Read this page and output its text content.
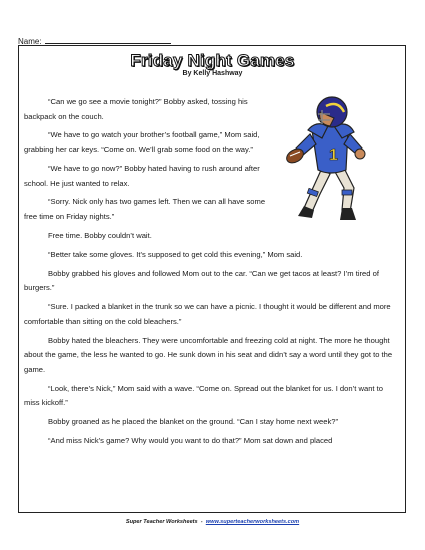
Name:
Friday Night Games
By Kelly Hashway
1

“Can we go see a movie tonight?” Bobby asked, tossing his backpack on the couch.

“We have to go watch your brother’s football game,” Mom said, grabbing her car keys. “Come on. We’ll grab some food on the way.”

“We have to go now?” Bobby hated having to rush around after school. He just wanted to relax.

“Sorry. Nick only has two games left. Then we can all have some free time on Friday nights.”

Free time. Bobby couldn’t wait.

“Better take some gloves. It’s supposed to get cold this evening,” Mom said.

Bobby grabbed his gloves and followed Mom out to the car. “Can we get tacos at least? I’m tired of burgers.”

“Sure. I packed a blanket in the trunk so we can have a picnic. I thought it would be different and more comfortable than sitting on the cold bleachers.”

Bobby hated the bleachers. They were uncomfortable and freezing cold at night. The more he thought about the game, the less he wanted to go. He sunk down in his seat and didn’t say a word until they got to the game.

“Look, there’s Nick,” Mom said with a wave. “Come on. Spread out the blanket for us. I don’t want to miss kickoff.”

Bobby groaned as he placed the blanket on the ground. “Can I stay home next week?”

“And miss Nick’s game? Why would you want to do that?” Mom sat down and placed

Super Teacher Worksheets - www.superteacherworksheets.com
